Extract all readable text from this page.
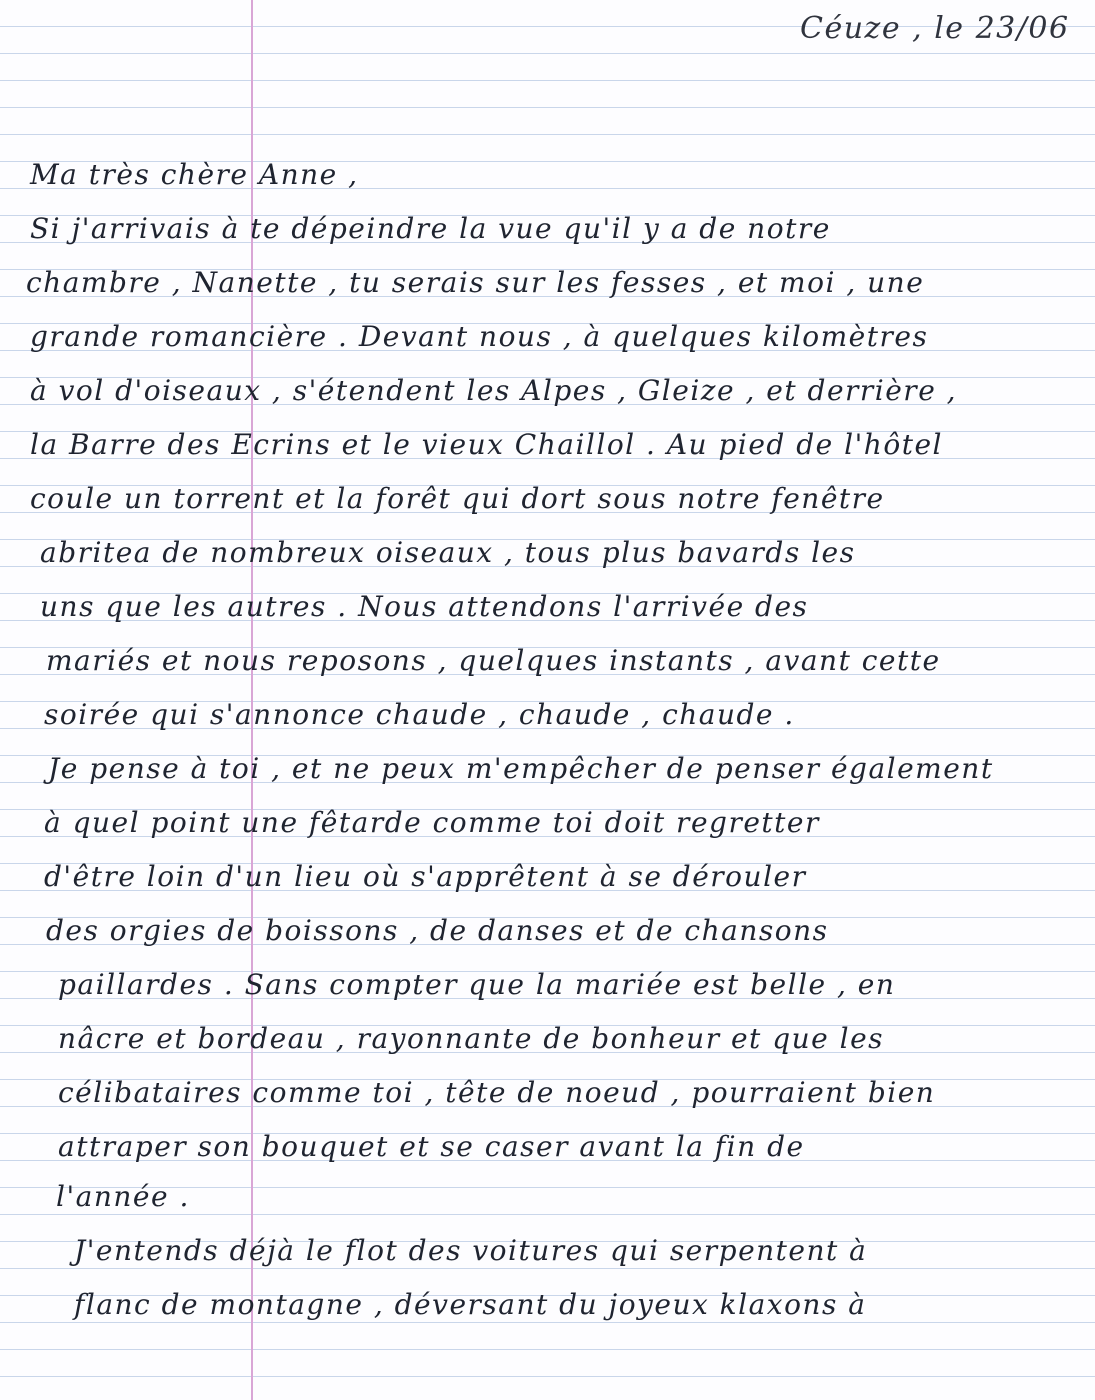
Céuze , le 23/06
Ma très chère Anne ,
Si j'arrivais à te dépeindre la vue qu'il y a de notre
chambre , Nanette , tu serais sur les fesses , et moi , une
grande romancière . Devant nous , à quelques kilomètres
à vol d'oiseaux , s'étendent les Alpes , Gleize , et derrière ,
la Barre des Ecrins et le vieux Chaillol . Au pied de l'hôtel
coule un torrent et la forêt qui dort sous notre fenêtre
abritea de nombreux oiseaux , tous plus bavards les
uns que les autres . Nous attendons l'arrivée des
mariés et nous reposons , quelques instants , avant cette
soirée qui s'annonce chaude , chaude , chaude .
Je pense à toi , et ne peux m'empêcher de penser également
à quel point une fêtarde comme toi doit regretter
d'être loin d'un lieu où s'apprêtent à se dérouler
des orgies de boissons , de danses et de chansons
paillardes . Sans compter que la mariée est belle , en
nâcre et bordeau , rayonnante de bonheur et que les
célibataires comme toi , tête de noeud , pourraient bien
attraper son bouquet et se caser avant la fin de
l'année .
J'entends déjà le flot des voitures qui serpentent à
flanc de montagne , déversant du joyeux klaxons à
